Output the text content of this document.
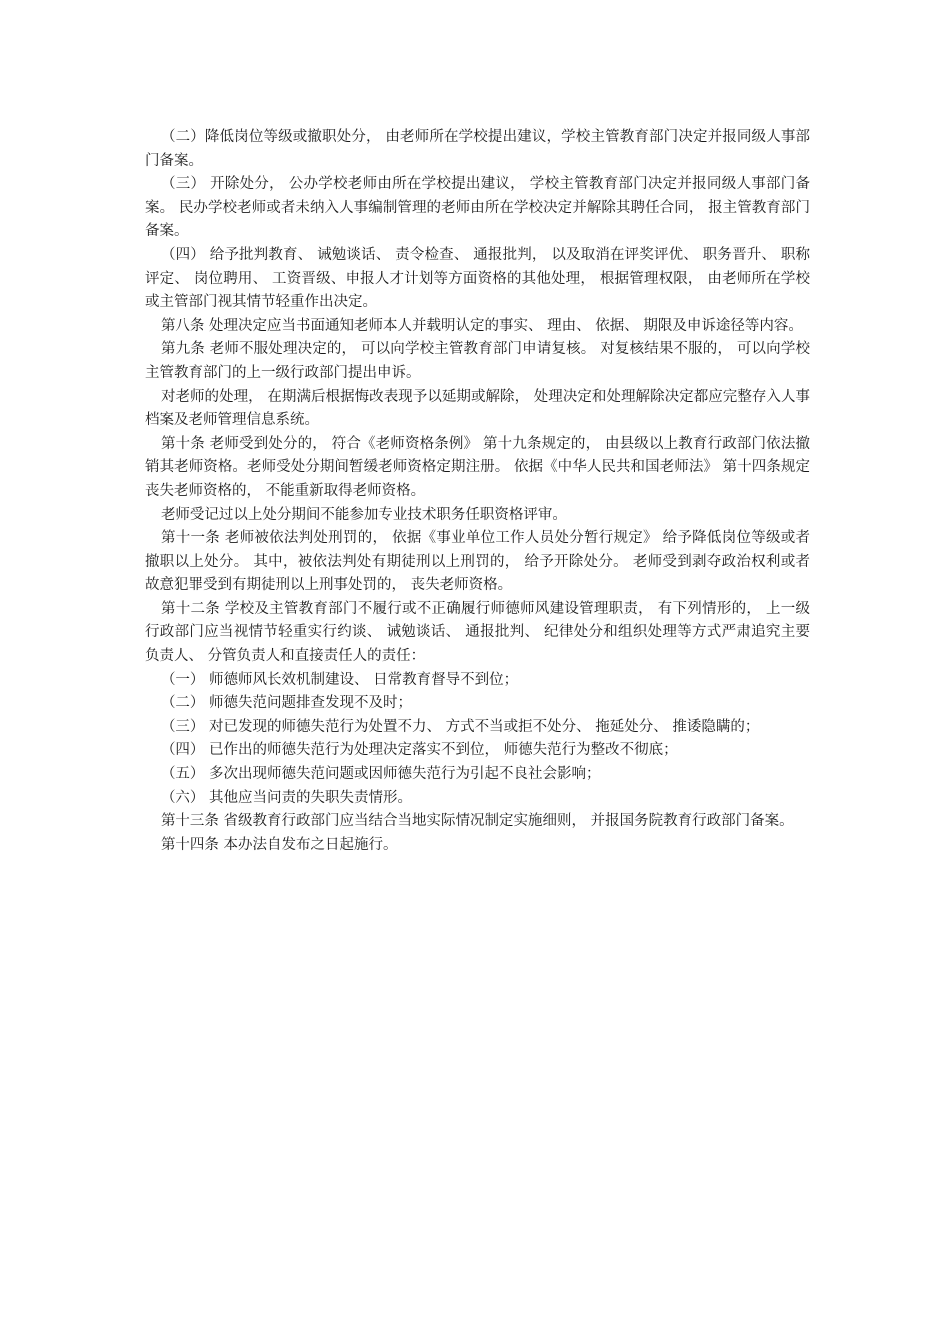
（二）降低岗位等级或撤职处分， 由老师所在学校提出建议，学校主管教育部门决定并报同级人事部门备案。

（三） 开除处分， 公办学校老师由所在学校提出建议， 学校主管教育部门决定并报同级人事部门备案。 民办学校老师或者未纳入人事编制管理的老师由所在学校决定并解除其聘任合同， 报主管教育部门备案。

（四） 给予批判教育、 诫勉谈话、 责令检查、 通报批判， 以及取消在评奖评优、 职务晋升、 职称评定、 岗位聘用、 工资晋级、申报人才计划等方面资格的其他处理， 根据管理权限， 由老师所在学校或主管部门视其情节轻重作出决定。

第八条 处理决定应当书面通知老师本人并载明认定的事实、 理由、 依据、 期限及申诉途径等内容。

第九条 老师不服处理决定的， 可以向学校主管教育部门申请复核。 对复核结果不服的， 可以向学校主管教育部门的上一级行政部门提出申诉。

对老师的处理， 在期满后根据悔改表现予以延期或解除， 处理决定和处理解除决定都应完整存入人事档案及老师管理信息系统。

第十条 老师受到处分的， 符合《老师资格条例》 第十九条规定的， 由县级以上教育行政部门依法撤销其老师资格。老师受处分期间暂缓老师资格定期注册。 依据《中华人民共和国老师法》 第十四条规定丧失老师资格的， 不能重新取得老师资格。

老师受记过以上处分期间不能参加专业技术职务任职资格评审。

第十一条 老师被依法判处刑罚的， 依据《事业单位工作人员处分暂行规定》 给予降低岗位等级或者撤职以上处分。 其中，被依法判处有期徒刑以上刑罚的， 给予开除处分。 老师受到剥夺政治权利或者故意犯罪受到有期徒刑以上刑事处罚的， 丧失老师资格。

第十二条 学校及主管教育部门不履行或不正确履行师德师风建设管理职责， 有下列情形的， 上一级行政部门应当视情节轻重实行约谈、 诫勉谈话、 通报批判、 纪律处分和组织处理等方式严肃追究主要负责人、 分管负责人和直接责任人的责任：

（一） 师德师风长效机制建设、 日常教育督导不到位；

（二） 师德失范问题排查发现不及时；

（三） 对已发现的师德失范行为处置不力、 方式不当或拒不处分、 拖延处分、 推诿隐瞒的；

（四） 已作出的师德失范行为处理决定落实不到位， 师德失范行为整改不彻底；

（五） 多次出现师德失范问题或因师德失范行为引起不良社会影响；

（六） 其他应当问责的失职失责情形。

第十三条 省级教育行政部门应当结合当地实际情况制定实施细则， 并报国务院教育行政部门备案。

第十四条 本办法自发布之日起施行。
